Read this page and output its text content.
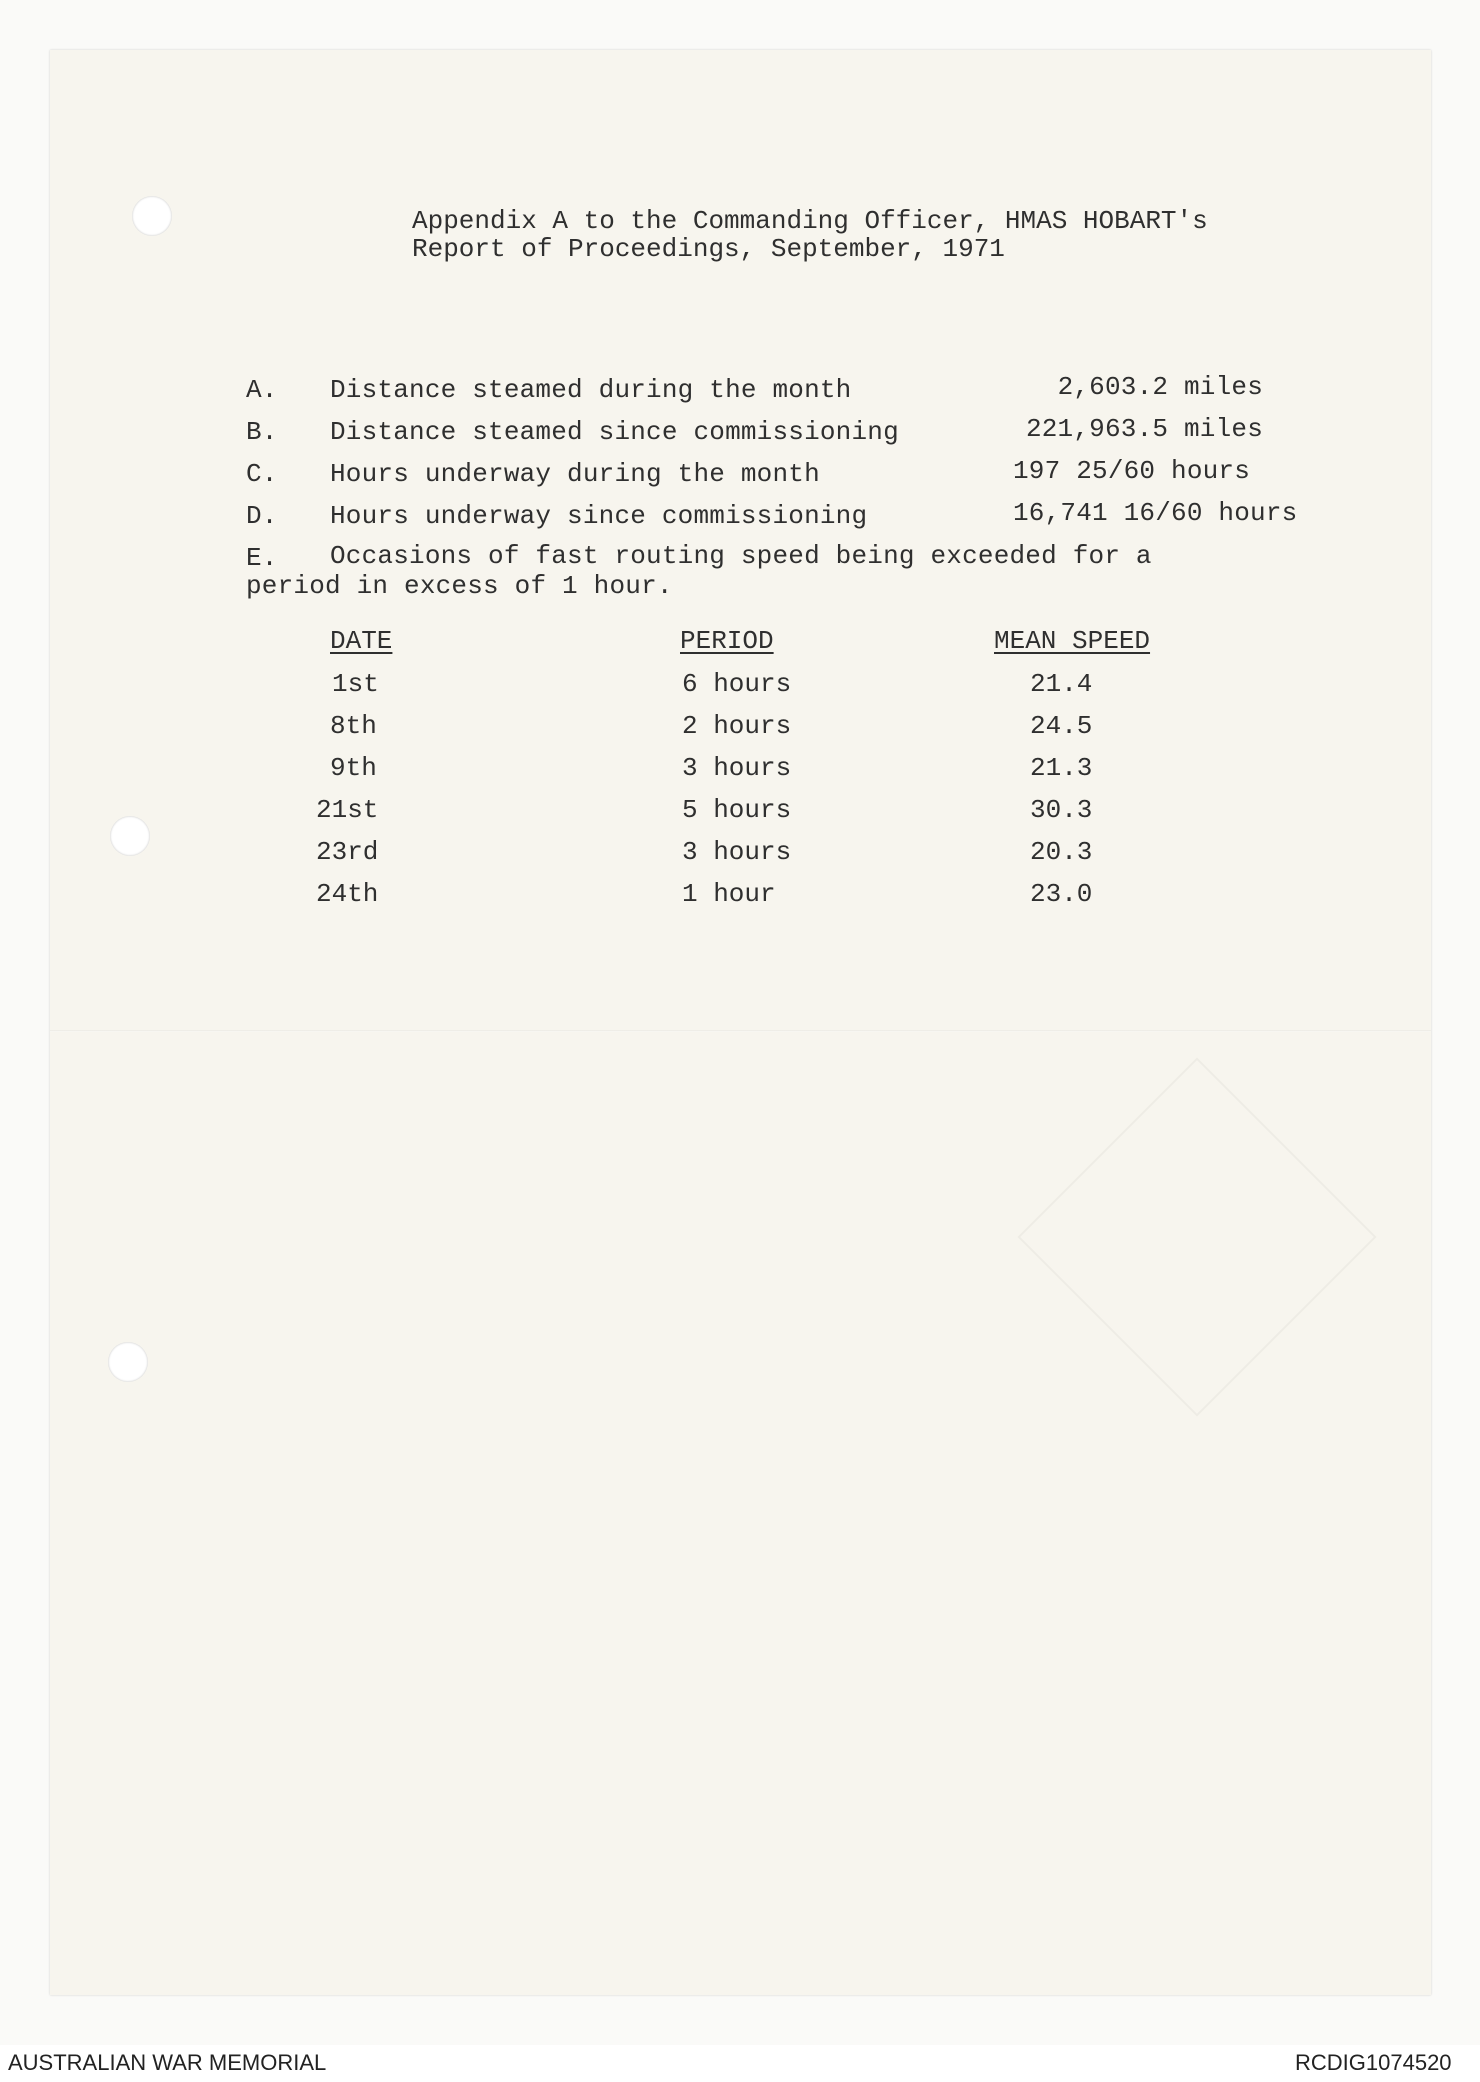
Appendix A to the Commanding Officer, HMAS HOBART's
Report of Proceedings, September, 1971
A. Distance steamed during the month	2,603.2 miles
B. Distance steamed since commissioning	221,963.5 miles
C. Hours underway during the month	197 25/60 hours
D. Hours underway since commissioning	16,741 16/60 hours
E. Occasions of fast routing speed being exceeded for a
period in excess of 1 hour.
DATE	PERIOD	MEAN SPEED
1st	6 hours	21.4
8th	2 hours	24.5
9th	3 hours	21.3
21st	5 hours	30.3
23rd	3 hours	20.3
24th	1 hour	23.0
AUSTRALIAN WAR MEMORIAL	RCDIG1074520
